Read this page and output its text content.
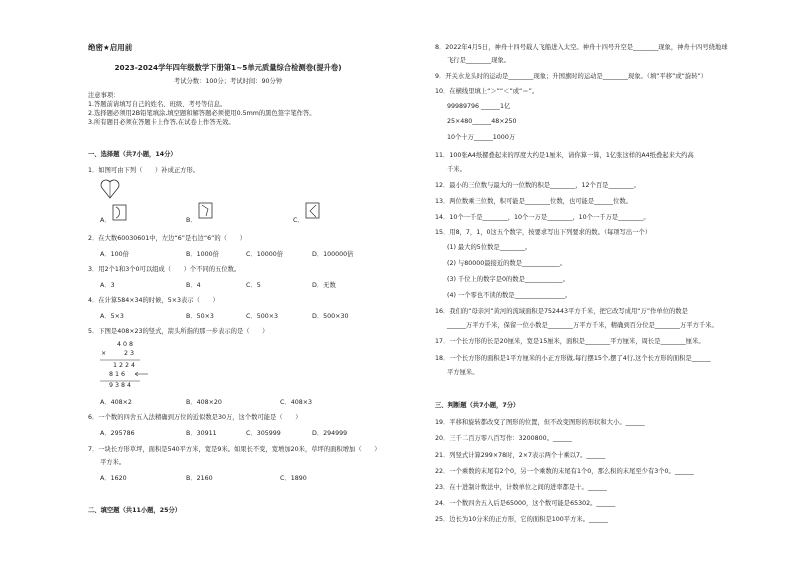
绝密★启用前
2023-2024学年四年级数学下册第1~5单元质量综合检测卷(提升卷)
考试分数：100分；考试时间：90分钟
注意事项：
1.答题前请填写自己的姓名、班级、考号等信息。
2.选择题必须用2B铅笔填涂,填空题和解答题必须使用0.5mm的黑色签字笔作答。
3.所有题目必须在答题卡上作答,在试卷上作答无效。
一、选择题（共7小题，14分）
1．如图可由下列（　　）补成正方形。
A．	B．	C．
2．在大数60030601中，左边“6”是右边“6”的（　　）
A．100倍	B．1000倍	C．10000倍	D．100000倍
3．用2个1和3个0可以组成（　　）个不同的五位数。
A．3	B．4	C．5	D．无数
4．在计算584×34的时候，5×3表示（　　）
A．5×3	B．50×3	C．500×3	D．500×30
5．下图是408×23的竖式，箭头所指的那一步表示的是（　　）
4 0 8
×	2 3
1 2 2 4
8 1 6
9 3 8 4
A．408×2	B．408×20	C．408×3
6．一个数的四舍五入法精确到万位的近似数是30万，这个数可能是（　　）
A．295786	B．30911	C．305999	D．294999
7．一块长方形草坪，面积是540平方米，宽是9米。如果长不变，宽增加20米，草坪的面积增加（　　）
平方米。
A．1620	B．2160	C．1890
二、填空题（共11小题，25分）
8．2022年4月5日，神舟十四号载人飞船进入太空。神舟十四号升空是________现象，神舟十四号绕地球
飞行是________现象。
9．开关水龙头时的运动是________现象；升国旗时的运动是________现象。（填“平移”或“旋转”）
10．在横线里填上“＞”“＜”或“＝”。
99989796 ______1亿
25×480______48×250
10个十万______1000万
11．100张A4纸摞叠起来的厚度大约是1厘米，请你算一算，1亿张这样的A4纸叠起来大约高
千米。
12．最小的三位数与最大的一位数的积是________，12个百是________。
13．两位数乘三位数，积可能是________位数，也可能是______位数。
14．10个一千是________，10个一万是________，10个一千万是________。
15．用8，7，1，0这五个数字，按要求写出下列要求的数。（每项写出一个）
(1) 最大的5位数是________。
(2) 与80000最接近的数是____________。
(3) 千位上的数字是0的数是____________。
(4) 一个零也不读的数是________________。
16．我们的“母亲河”黄河的流域面积是752443平方千米，把它改写成用“万”作单位的数是
______万平方千米，保留一位小数是________万平方千米，精确到百分位是________万平方千米。
17．一个长方形的长是20厘米，宽是15厘米，面积是________平方厘米，周长是________厘米。
18．一个长方形的面积是1平方厘米的小正方形做,每行摆15个,摆了4行,这个长方形的面积是______
平方厘米。
三、判断题（共7小题，7分）
19．平移和旋转都改变了图形的位置，但不改变图形的形状和大小。______
20．三千二百万零八百写作：3200800。______
21．列竖式计算299×78时，2×7表示两个十乘以7。______
22．一个乘数的末尾有2个0，另一个乘数的末尾有1个0，那么积的末尾至少有3个0。______
23．在十进制计数法中，计数单位之间的进率都是十。______
24．一个数四舍五入后是65000，这个数可能是65302。______
25．边长为10分米的正方形，它的面积是100平方米。______
